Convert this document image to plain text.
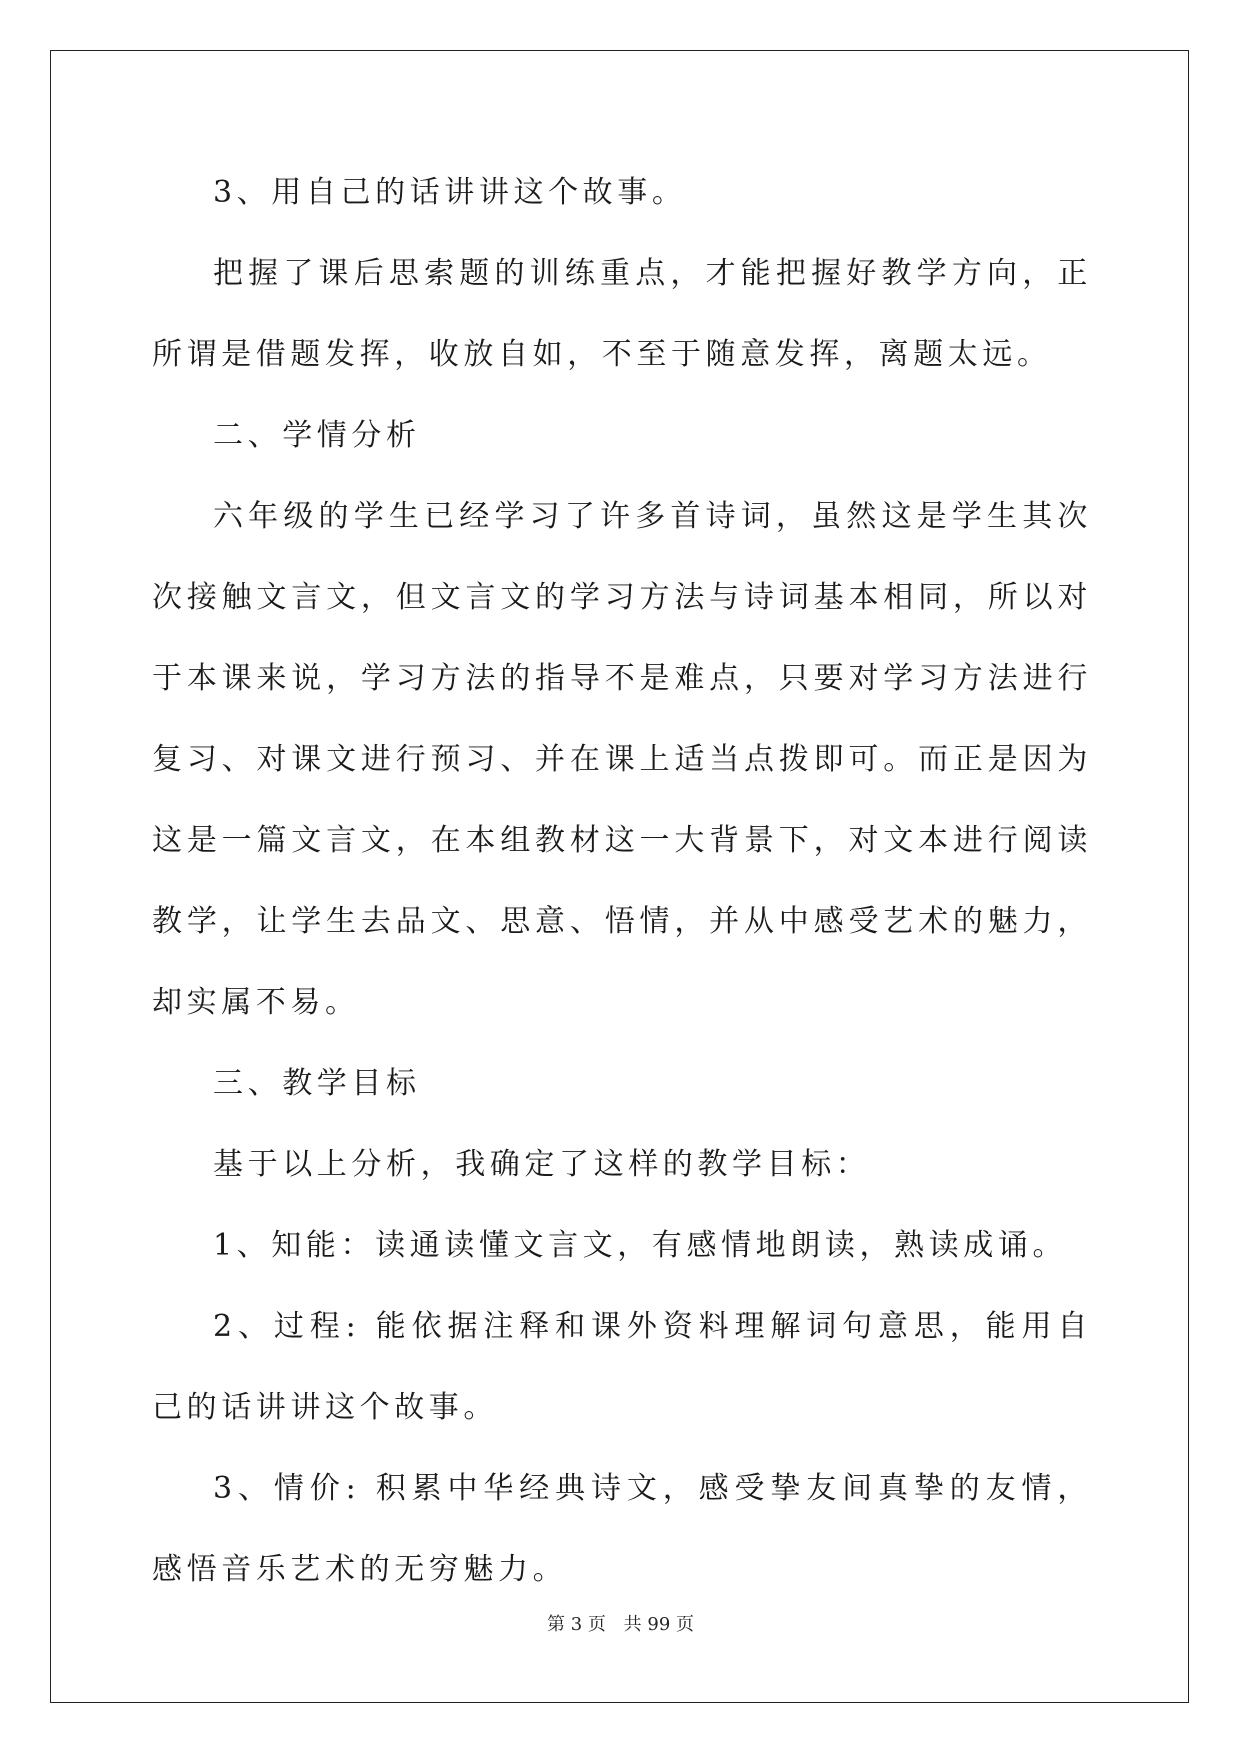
3、用自己的话讲讲这个故事。

把握了课后思索题的训练重点，才能把握好教学方向，正所谓是借题发挥，收放自如，不至于随意发挥，离题太远。

二、学情分析

六年级的学生已经学习了许多首诗词，虽然这是学生其次次接触文言文，但文言文的学习方法与诗词基本相同，所以对于本课来说，学习方法的指导不是难点，只要对学习方法进行复习、对课文进行预习、并在课上适当点拨即可。而正是因为这是一篇文言文，在本组教材这一大背景下，对文本进行阅读教学，让学生去品文、思意、悟情，并从中感受艺术的魅力，却实属不易。

三、教学目标

基于以上分析，我确定了这样的教学目标：

1、知能：读通读懂文言文，有感情地朗读，熟读成诵。

2、过程: 能依据注释和课外资料理解词句意思，能用自己的话讲讲这个故事。

3、情价: 积累中华经典诗文，感受挚友间真挚的友情，感悟音乐艺术的无穷魅力。

第 3 页 共 99 页
